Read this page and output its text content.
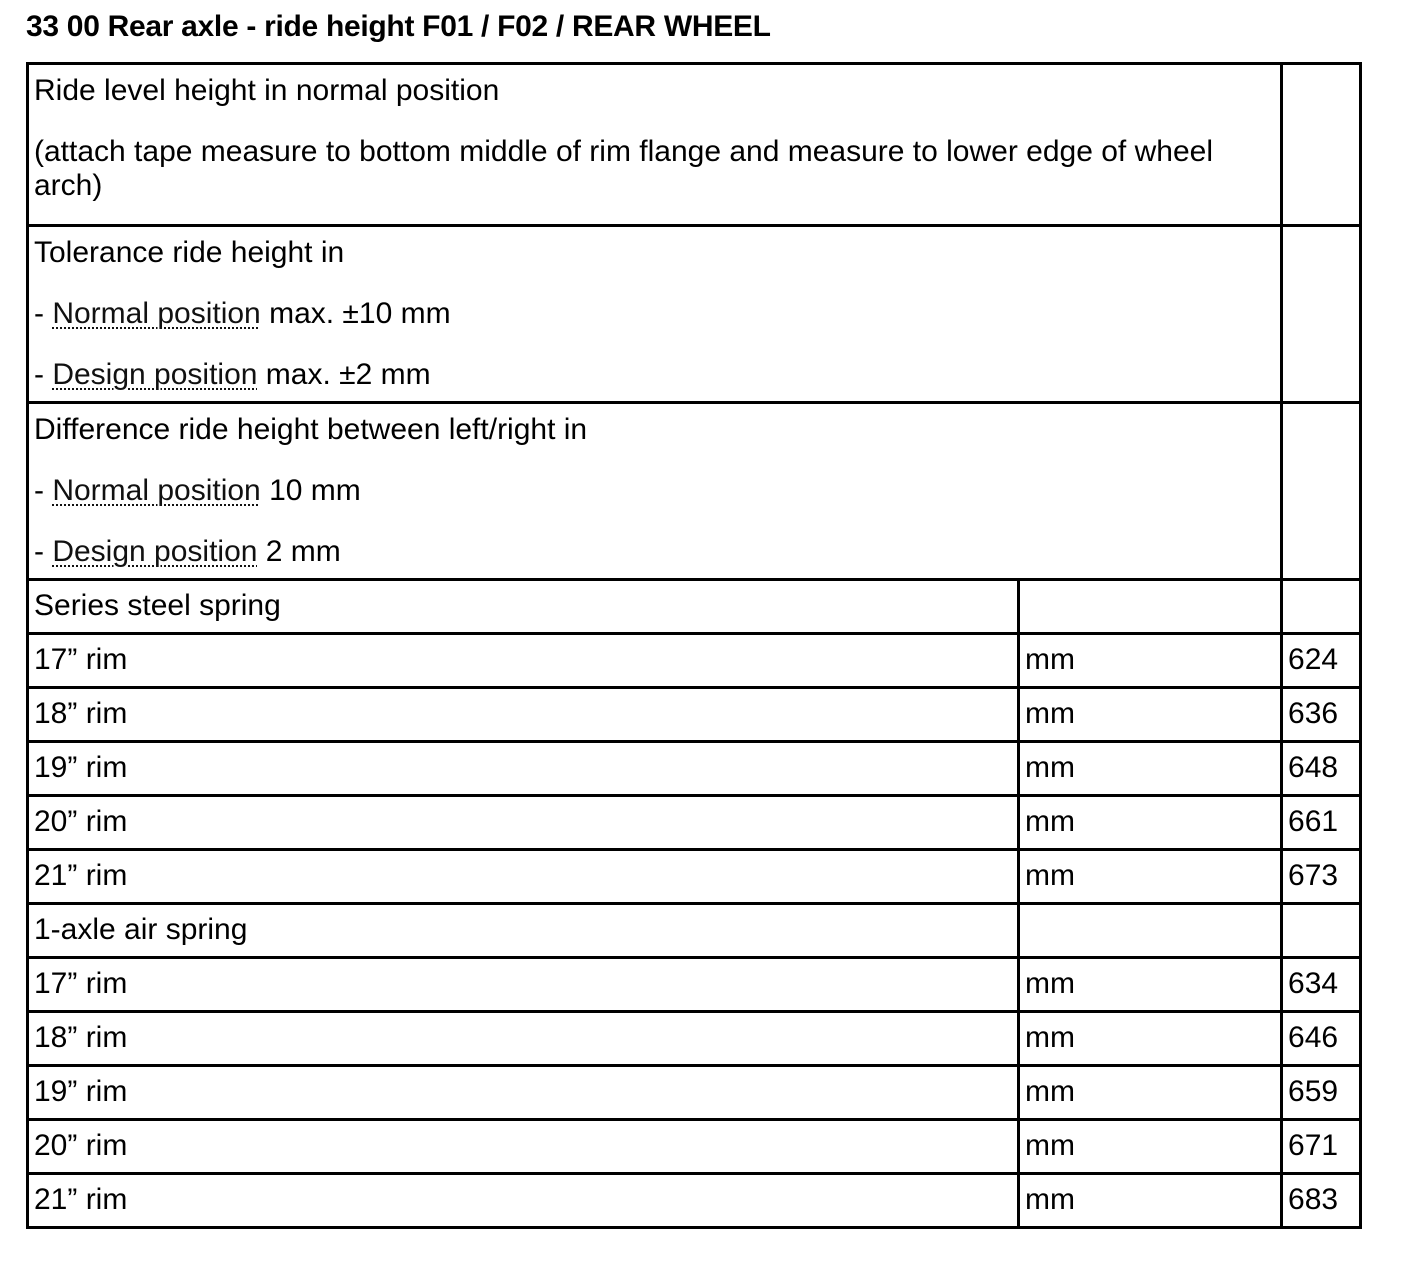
33 00 Rear axle - ride height F01 / F02 / REAR WHEEL

Ride level height in normal position

(attach tape measure to bottom middle of rim flange and measure to lower edge of wheel arch)		

Tolerance ride height in

- Normal position max. ±10 mm

- Design position max. ±2 mm		

Difference ride height between left/right in

- Normal position 10 mm

- Design position 2 mm		

Series steel spring		
17” rim	mm	624
18” rim	mm	636
19” rim	mm	648
20” rim	mm	661
21” rim	mm	673
1-axle air spring		
17” rim	mm	634
18” rim	mm	646
19” rim	mm	659
20” rim	mm	671
21” rim	mm	683
